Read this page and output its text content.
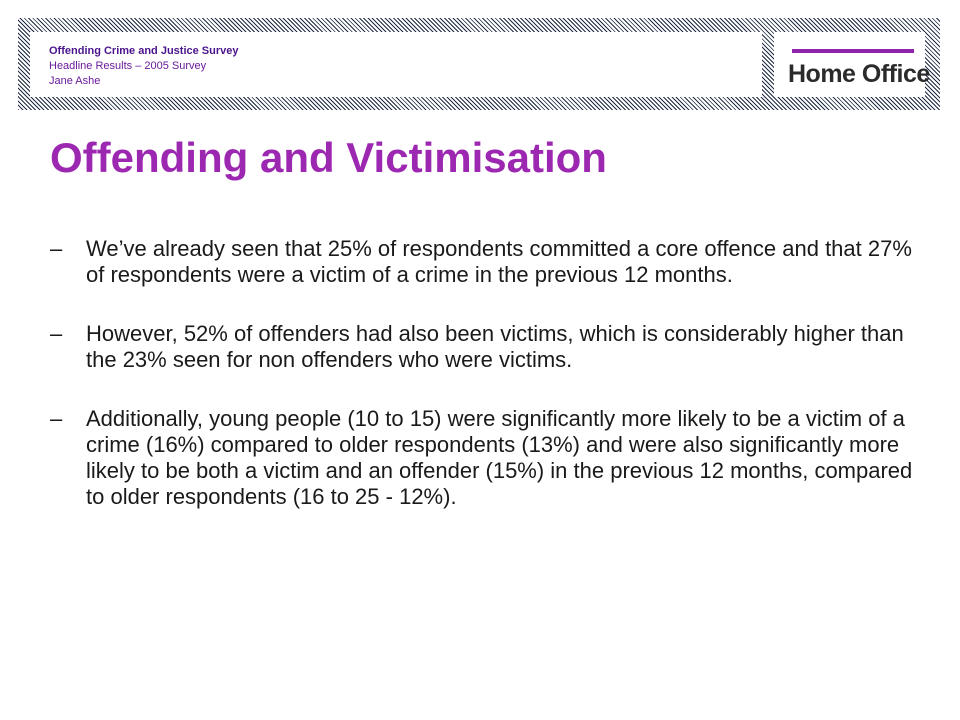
Offending Crime and Justice Survey
Headline Results – 2005 Survey
Jane Ashe	Home Office
Offending and Victimisation
–	We’ve already seen that 25% of respondents committed a core offence and that 27% of respondents were a victim of a crime in the previous 12 months.
–	However, 52% of offenders had also been victims, which is considerably higher than the 23% seen for non offenders who were victims.
–	Additionally, young people (10 to 15) were significantly more likely to be a victim of a crime (16%) compared to older respondents (13%) and were also significantly more likely to be both a victim and an offender (15%) in the previous 12 months, compared to older respondents (16 to 25 - 12%).
